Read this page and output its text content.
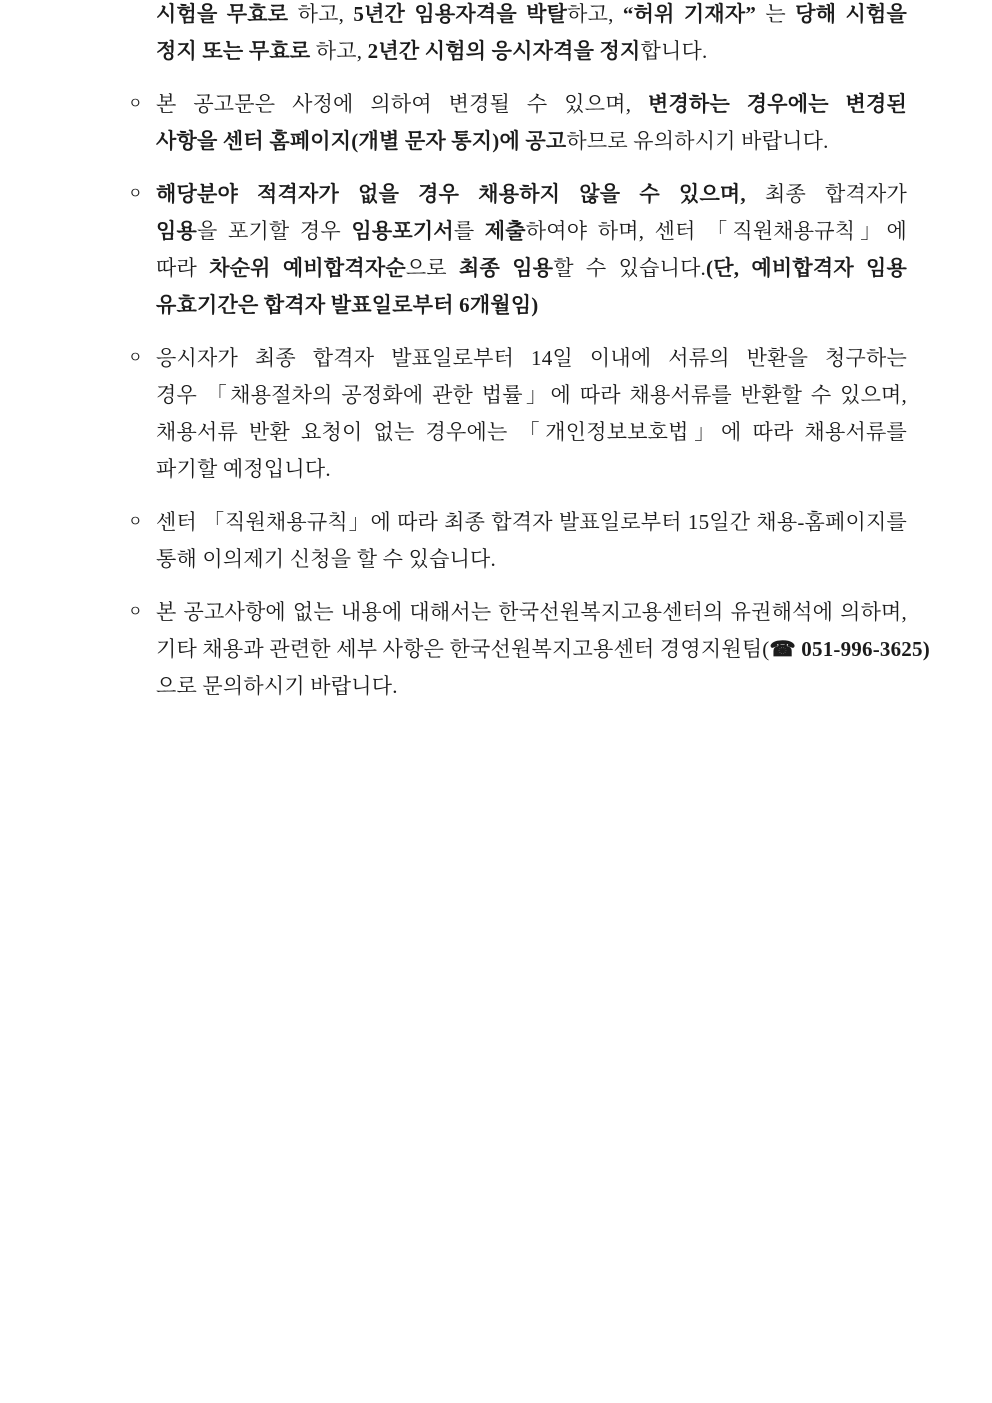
시험을 무효로 하고, 5년간 임용자격을 박탈하고, “허위 기재자” 는 당해 시험을
정지 또는 무효로 하고, 2년간 시험의 응시자격을 정지합니다.
ㅇ 본 공고문은 사정에 의하여 변경될 수 있으며, 변경하는 경우에는 변경된
사항을 센터 홈페이지(개별 문자 통지)에 공고하므로 유의하시기 바랍니다.
ㅇ 해당분야 적격자가 없을 경우 채용하지 않을 수 있으며, 최종 합격자가
임용을 포기할 경우 임용포기서를 제출하여야 하며, 센터 「직원채용규칙」에
따라 차순위 예비합격자순으로 최종 임용할 수 있습니다.(단, 예비합격자 임용
유효기간은 합격자 발표일로부터 6개월임)
ㅇ 응시자가 최종 합격자 발표일로부터 14일 이내에 서류의 반환을 청구하는
경우 「채용절차의 공정화에 관한 법률」에 따라 채용서류를 반환할 수 있으며,
채용서류 반환 요청이 없는 경우에는 「개인정보보호법」에 따라 채용서류를
파기할 예정입니다.
ㅇ 센터 「직원채용규칙」에 따라 최종 합격자 발표일로부터 15일간 채용-홈페이지를
통해 이의제기 신청을 할 수 있습니다.
ㅇ 본 공고사항에 없는 내용에 대해서는 한국선원복지고용센터의 유권해석에 의하며,
기타 채용과 관련한 세부 사항은 한국선원복지고용센터 경영지원팀(☎ 051-996-3625)
으로 문의하시기 바랍니다.
